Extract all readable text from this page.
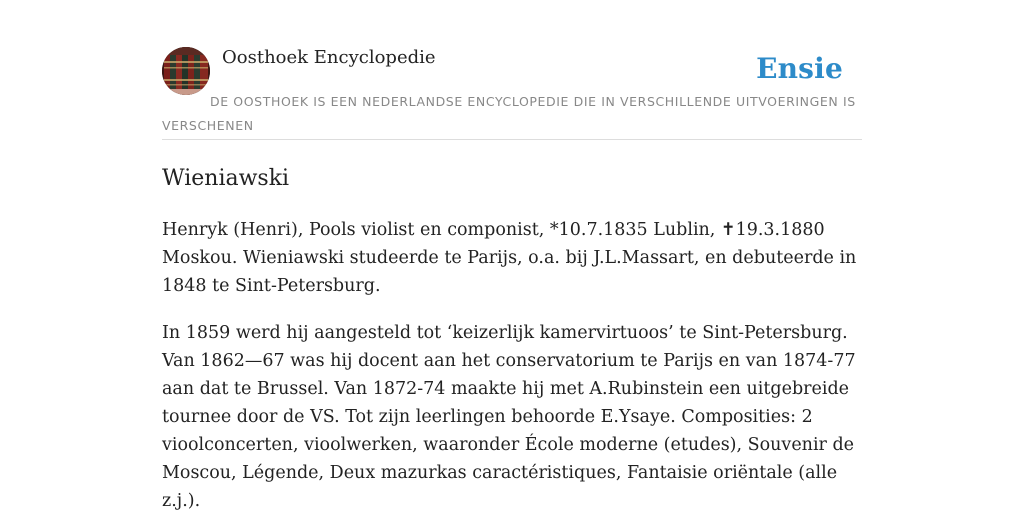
Oosthoek Encyclopedie	Ensie
DE OOSTHOEK IS EEN NEDERLANDSE ENCYCLOPEDIE DIE IN VERSCHILLENDE UITVOERINGEN IS VERSCHENEN
Wieniawski

Henryk (Henri), Pools violist en componist, *10.7.1835 Lublin, ✝19.3.1880 Moskou. Wieniawski studeerde te Parijs, o.a. bij J.L.Massart, en debuteerde in 1848 te Sint-Petersburg.

In 1859 werd hij aangesteld tot ‘keizerlijk kamervirtuoos’ te Sint-Petersburg. Van 1862—67 was hij docent aan het conservatorium te Parijs en van 1874-77 aan dat te Brussel. Van 1872-74 maakte hij met A.Rubinstein een uitgebreide tournee door de VS. Tot zijn leerlingen behoorde E.Ysaye. Composities: 2 vioolconcerten, vioolwerken, waaronder École moderne (etudes), Souvenir de Moscou, Légende, Deux mazurkas caractéristiques, Fantaisie oriëntale (alle z.j.).
